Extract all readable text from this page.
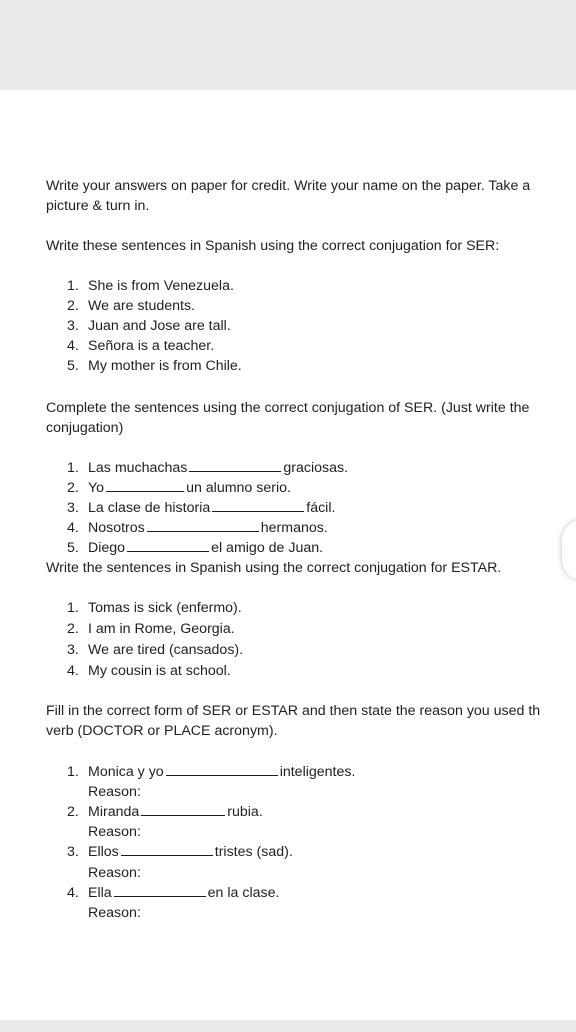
Write your answers on paper for credit. Write your name on the paper. Take a picture & turn in.
Write these sentences in Spanish using the correct conjugation for SER:
1. She is from Venezuela.
2. We are students.
3. Juan and Jose are tall.
4. Señora is a teacher.
5. My mother is from Chile.
Complete the sentences using the correct conjugation of SER. (Just write the
conjugation)
1. Las muchachas	graciosas.
2. Yo	un alumno serio.
3. La clase de historia	fácil.
4. Nosotros	hermanos.
5. Diego	el amigo de Juan.
Write the sentences in Spanish using the correct conjugation for ESTAR.
1. Tomas is sick (enfermo).
2. I am in Rome, Georgia.
3. We are tired (cansados).
4. My cousin is at school.
Fill in the correct form of SER or ESTAR and then state the reason you used th
verb (DOCTOR or PLACE acronym).
1. Monica y yo	inteligentes.
Reason:
2. Miranda	rubia.
Reason:
3. Ellos	tristes (sad).
Reason:
4. Ella	en la clase.
Reason:
